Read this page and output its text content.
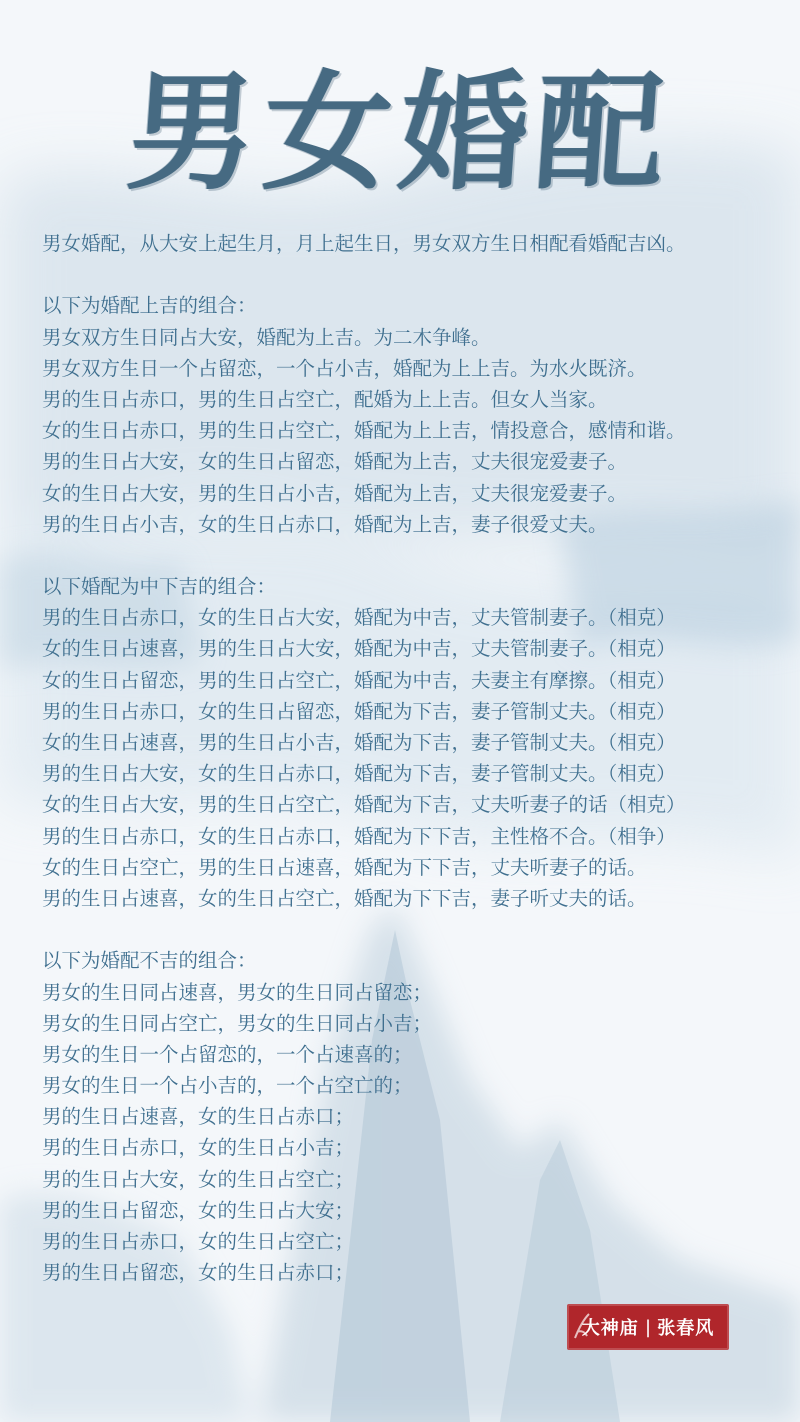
男女婚配
男女婚配，从大安上起生月，月上起生日，男女双方生日相配看婚配吉凶。
以下为婚配上吉的组合：
男女双方生日同占大安，婚配为上吉。为二木争峰。
男女双方生日一个占留恋，一个占小吉，婚配为上上吉。为水火既济。
男的生日占赤口，男的生日占空亡，配婚为上上吉。但女人当家。
女的生日占赤口，男的生日占空亡，婚配为上上吉，情投意合，感情和谐。
男的生日占大安，女的生日占留恋，婚配为上吉，丈夫很宠爱妻子。
女的生日占大安，男的生日占小吉，婚配为上吉，丈夫很宠爱妻子。
男的生日占小吉，女的生日占赤口，婚配为上吉，妻子很爱丈夫。
以下婚配为中下吉的组合：
男的生日占赤口，女的生日占大安，婚配为中吉，丈夫管制妻子。（相克）
女的生日占速喜，男的生日占大安，婚配为中吉，丈夫管制妻子。（相克）
女的生日占留恋，男的生日占空亡，婚配为中吉，夫妻主有摩擦。（相克）
男的生日占赤口，女的生日占留恋，婚配为下吉，妻子管制丈夫。（相克）
女的生日占速喜，男的生日占小吉，婚配为下吉，妻子管制丈夫。（相克）
男的生日占大安，女的生日占赤口，婚配为下吉，妻子管制丈夫。（相克）
女的生日占大安，男的生日占空亡，婚配为下吉，丈夫听妻子的话（相克）
男的生日占赤口，女的生日占赤口，婚配为下下吉，主性格不合。（相争）
女的生日占空亡，男的生日占速喜，婚配为下下吉，丈夫听妻子的话。
男的生日占速喜，女的生日占空亡，婚配为下下吉，妻子听丈夫的话。
以下为婚配不吉的组合：
男女的生日同占速喜，男女的生日同占留恋；
男女的生日同占空亡，男女的生日同占小吉；
男女的生日一个占留恋的，一个占速喜的；
男女的生日一个占小吉的，一个占空亡的；
男的生日占速喜，女的生日占赤口；
男的生日占赤口，女的生日占小吉；
男的生日占大安，女的生日占空亡；
男的生日占留恋，女的生日占大安；
男的生日占赤口，女的生日占空亡；
男的生日占留恋，女的生日占赤口；
大神庙 | 张春风
